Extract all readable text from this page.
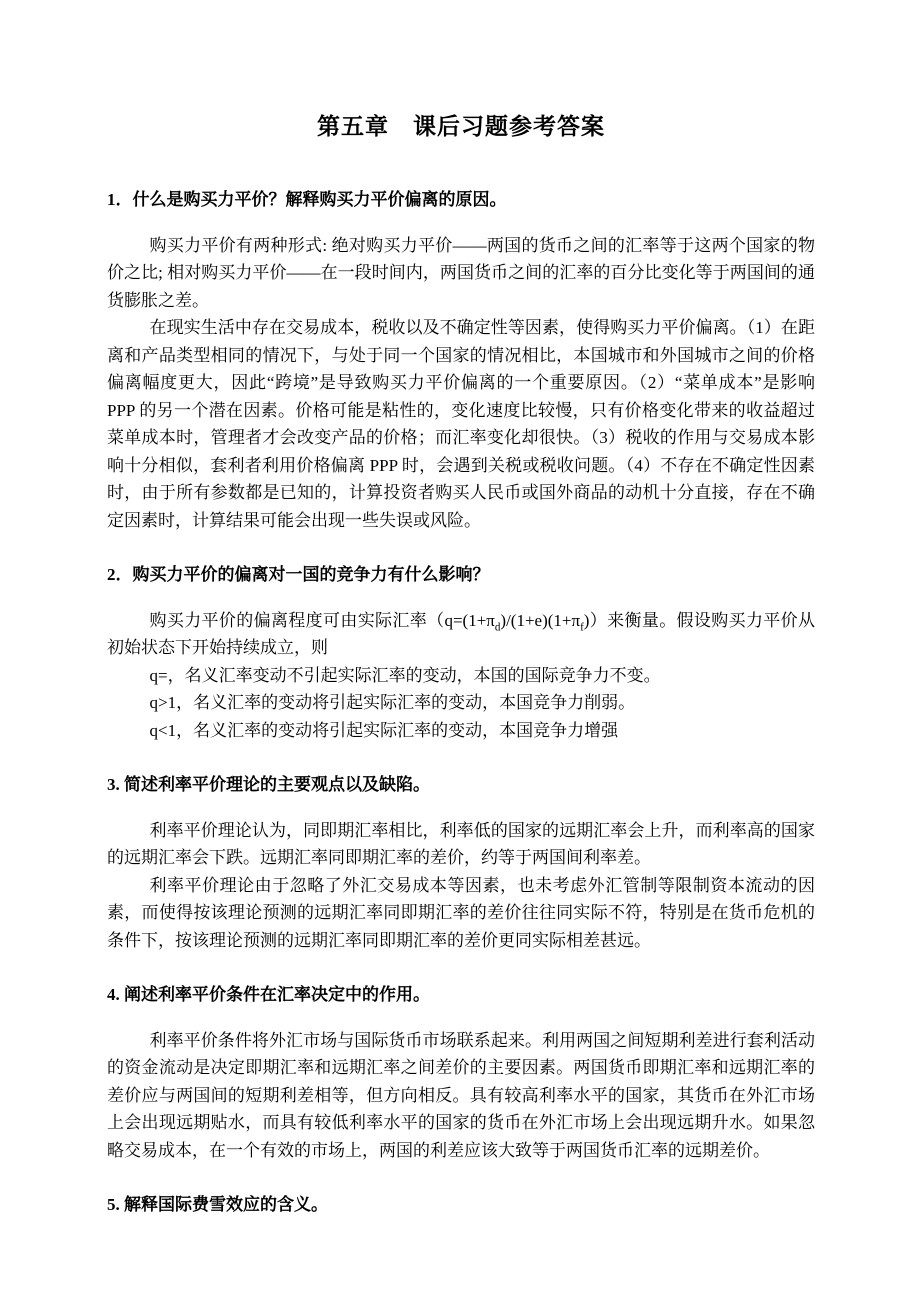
第五章　课后习题参考答案
1．什么是购买力平价？解释购买力平价偏离的原因。

购买力平价有两种形式: 绝对购买力平价——两国的货币之间的汇率等于这两个国家的物价之比; 相对购买力平价——在一段时间内，两国货币之间的汇率的百分比变化等于两国间的通货膨胀之差。

在现实生活中存在交易成本，税收以及不确定性等因素，使得购买力平价偏离。（1）在距离和产品类型相同的情况下，与处于同一个国家的情况相比，本国城市和外国城市之间的价格偏离幅度更大，因此“跨境”是导致购买力平价偏离的一个重要原因。（2）“菜单成本”是影响 PPP 的另一个潜在因素。价格可能是粘性的，变化速度比较慢，只有价格变化带来的收益超过菜单成本时，管理者才会改变产品的价格；而汇率变化却很快。（3）税收的作用与交易成本影响十分相似，套利者利用价格偏离 PPP 时，会遇到关税或税收问题。（4）不存在不确定性因素时，由于所有参数都是已知的，计算投资者购买人民币或国外商品的动机十分直接，存在不确定因素时，计算结果可能会出现一些失误或风险。

2．购买力平价的偏离对一国的竞争力有什么影响？

购买力平价的偏离程度可由实际汇率$(q=(1+\pi_d)/(1+e)(1+\pi_f))$来衡量。假设购买力平价从初始状态下开始持续成立，则

q=，名义汇率变动不引起实际汇率的变动，本国的国际竞争力不变。

q>1，名义汇率的变动将引起实际汇率的变动，本国竞争力削弱。

q<1，名义汇率的变动将引起实际汇率的变动，本国竞争力增强

3. 简述利率平价理论的主要观点以及缺陷。

利率平价理论认为，同即期汇率相比，利率低的国家的远期汇率会上升，而利率高的国家的远期汇率会下跌。远期汇率同即期汇率的差价，约等于两国间利率差。

利率平价理论由于忽略了外汇交易成本等因素，也未考虑外汇管制等限制资本流动的因素，而使得按该理论预测的远期汇率同即期汇率的差价往往同实际不符，特别是在货币危机的条件下，按该理论预测的远期汇率同即期汇率的差价更同实际相差甚远。

4. 阐述利率平价条件在汇率决定中的作用。

利率平价条件将外汇市场与国际货币市场联系起来。利用两国之间短期利差进行套利活动的资金流动是决定即期汇率和远期汇率之间差价的主要因素。两国货币即期汇率和远期汇率的差价应与两国间的短期利差相等，但方向相反。具有较高利率水平的国家，其货币在外汇市场上会出现远期贴水，而具有较低利率水平的国家的货币在外汇市场上会出现远期升水。如果忽略交易成本，在一个有效的市场上，两国的利差应该大致等于两国货币汇率的远期差价。

5. 解释国际费雪效应的含义。
